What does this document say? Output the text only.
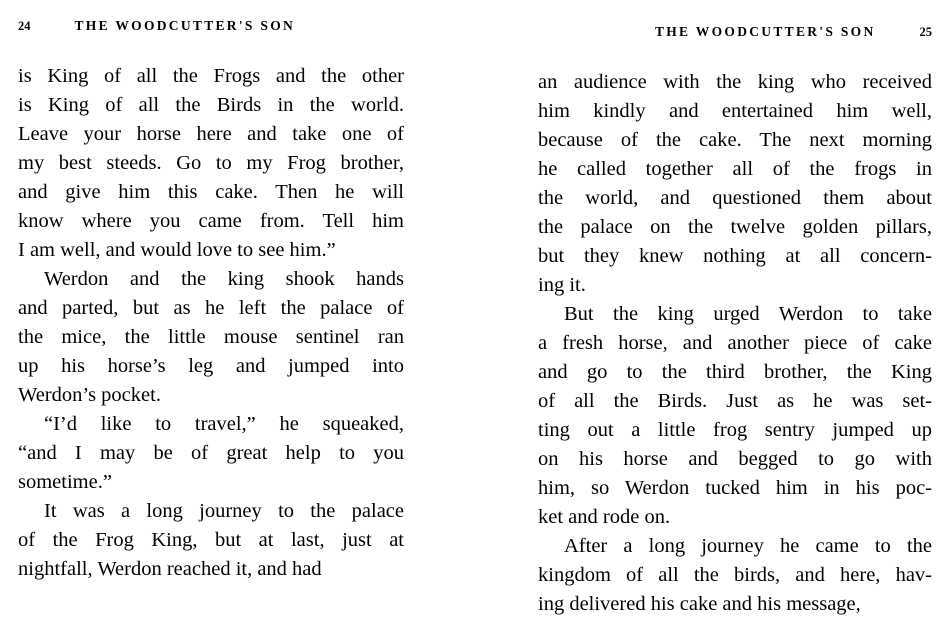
24	THE WOODCUTTER'S SON

is King of all the Frogs and the other
is King of all the Birds in the world.
Leave your horse here and take one of
my best steeds. Go to my Frog brother,
and give him this cake. Then he will
know where you came from. Tell him
I am well, and would love to see him.”

Werdon and the king shook hands
and parted, but as he left the palace of
the mice, the little mouse sentinel ran
up his horse’s leg and jumped into
Werdon’s pocket.

“I’d like to travel,” he squeaked,
“and I may be of great help to you
sometime.”

It was a long journey to the palace
of the Frog King, but at last, just at
nightfall, Werdon reached it, and had

THE WOODCUTTER'S SON	25

an audience with the king who received
him kindly and entertained him well,
because of the cake. The next morning
he called together all of the frogs in
the world, and questioned them about
the palace on the twelve golden pillars,
but they knew nothing at all concern-
ing it.

But the king urged Werdon to take
a fresh horse, and another piece of cake
and go to the third brother, the King
of all the Birds. Just as he was set-
ting out a little frog sentry jumped up
on his horse and begged to go with
him, so Werdon tucked him in his poc-
ket and rode on.

After a long journey he came to the
kingdom of all the birds, and here, hav-
ing delivered his cake and his message,
